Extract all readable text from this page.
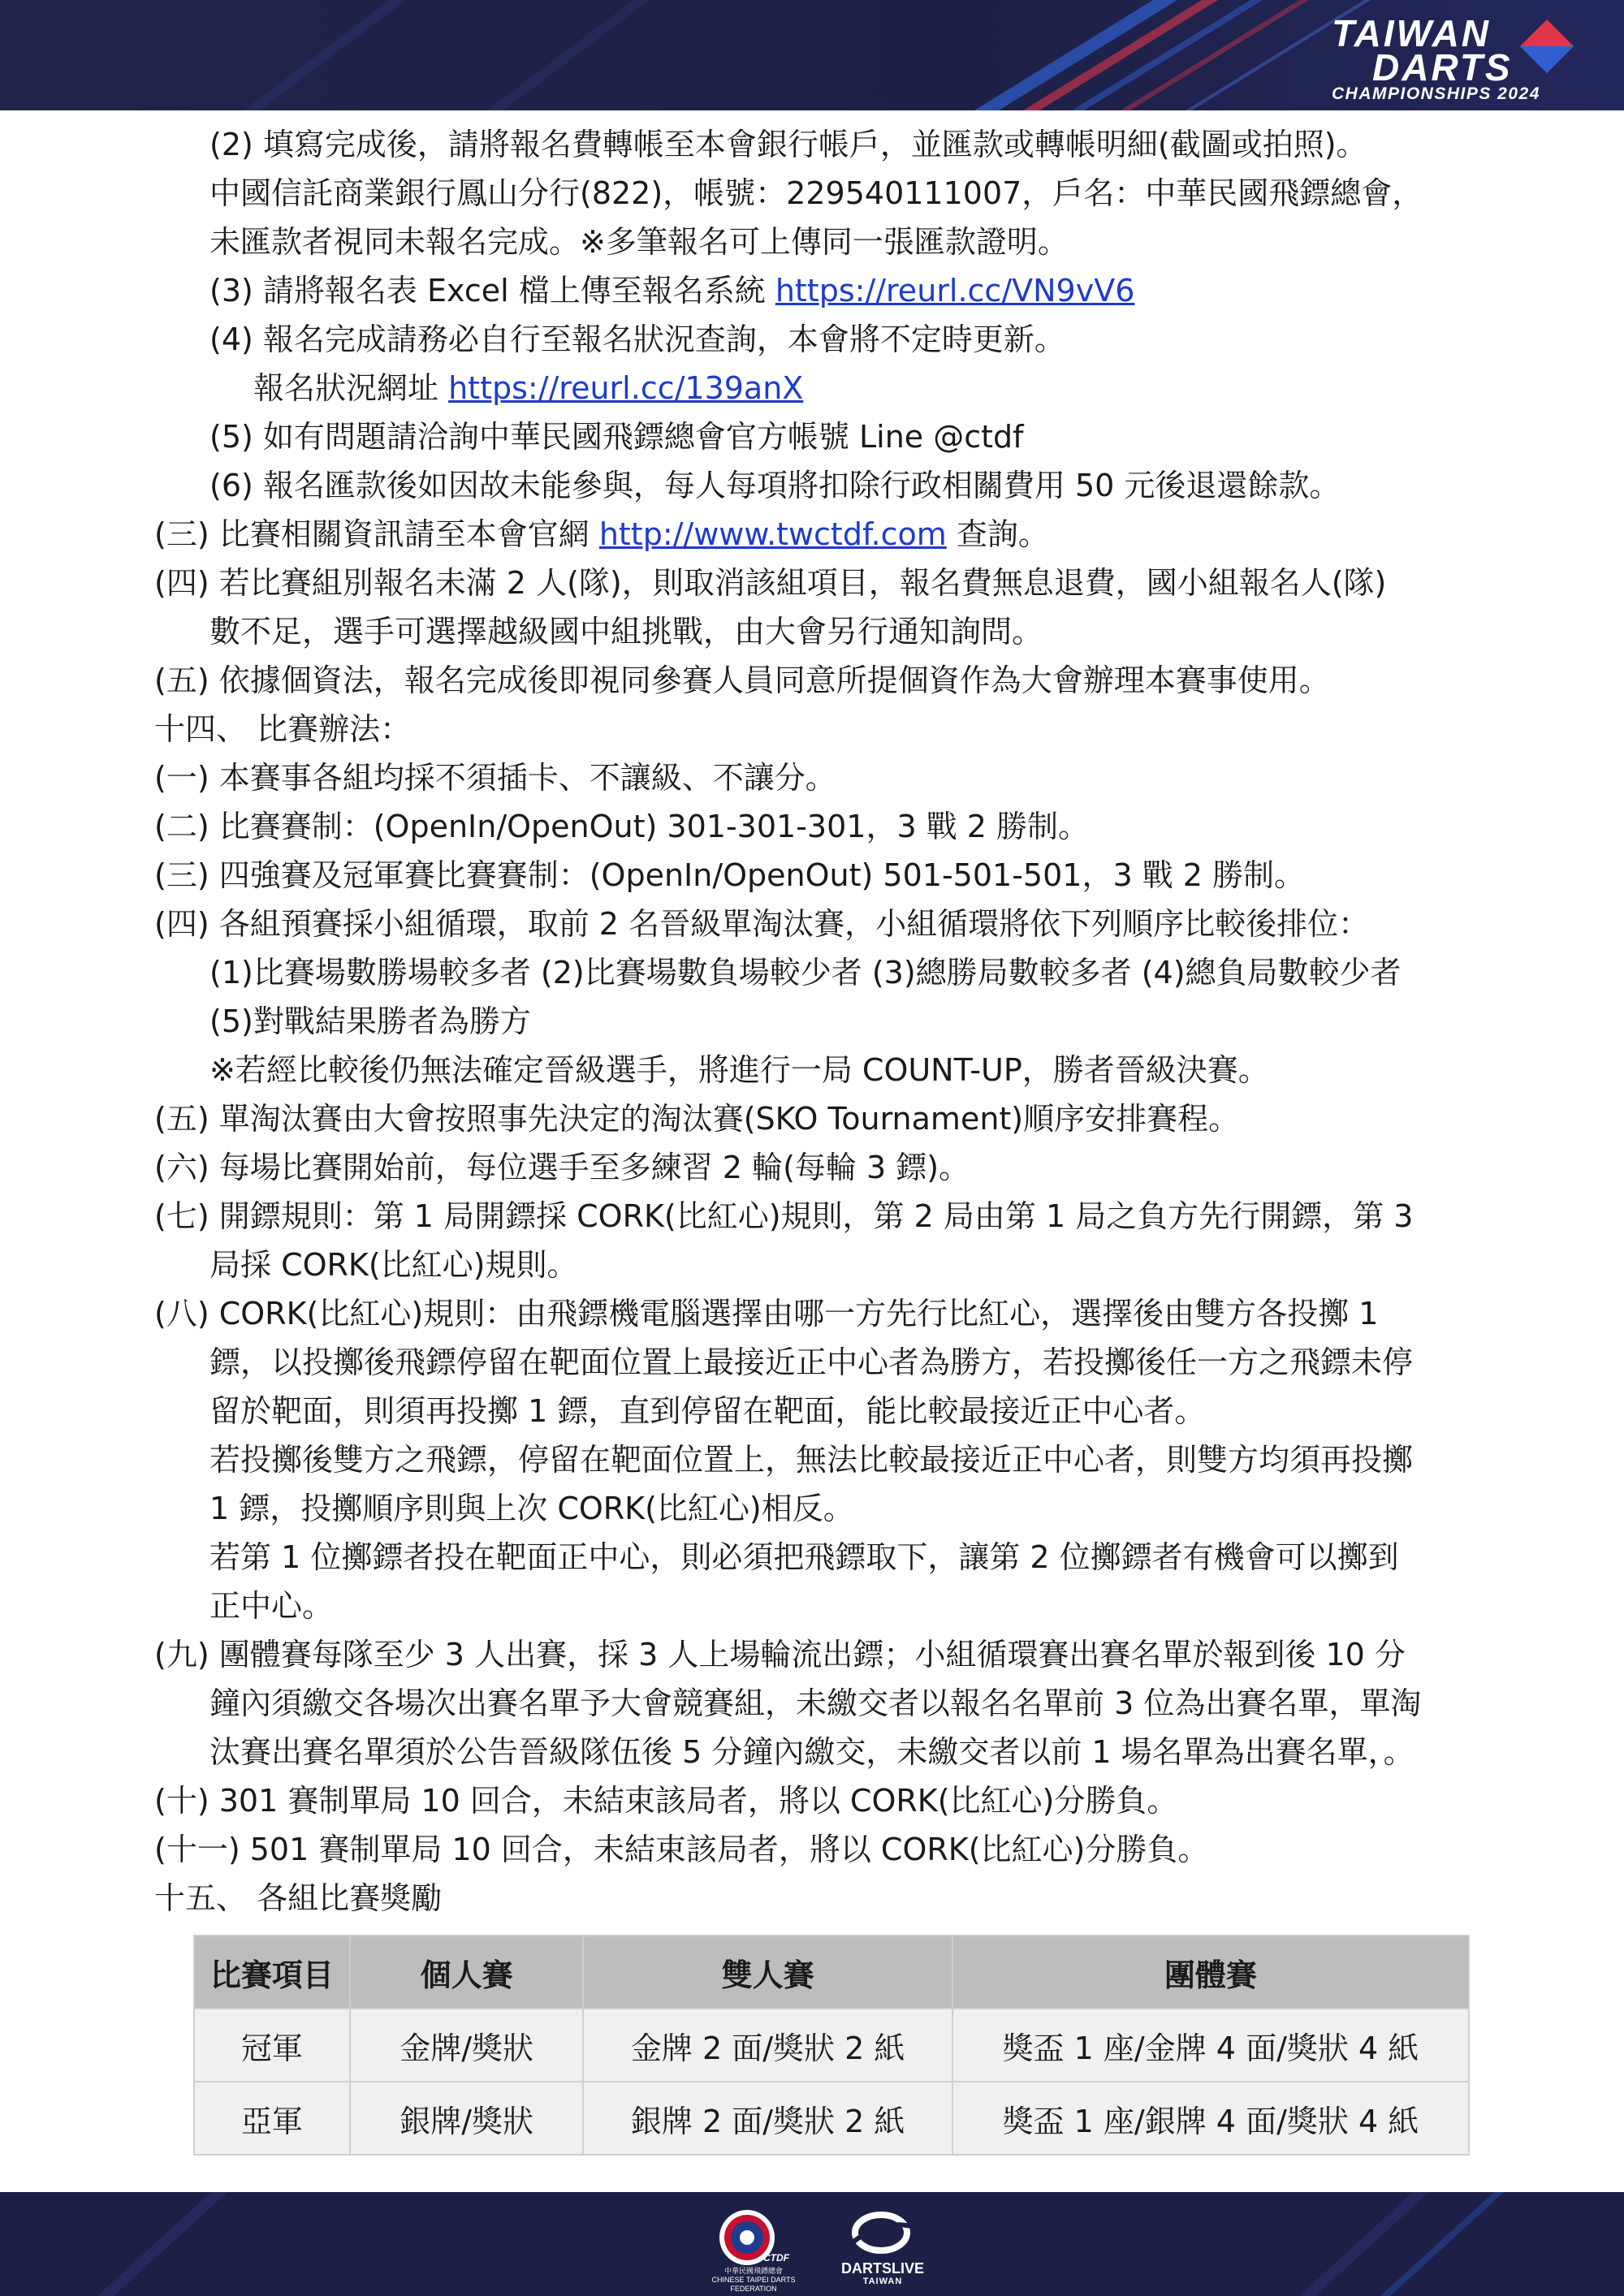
TAIWAN
DARTS
CHAMPIONSHIPS 2024
(2) 填寫完成後，請將報名費轉帳至本會銀行帳戶，並匯款或轉帳明細(截圖或拍照)。
中國信託商業銀行鳳山分行(822)，帳號：229540111007，戶名：中華民國飛鏢總會，
未匯款者視同未報名完成。※多筆報名可上傳同一張匯款證明。
(3) 請將報名表 Excel 檔上傳至報名系統 https://reurl.cc/VN9vV6
(4) 報名完成請務必自行至報名狀況查詢，本會將不定時更新。
報名狀況網址 https://reurl.cc/139anX
(5) 如有問題請洽詢中華民國飛鏢總會官方帳號 Line @ctdf
(6) 報名匯款後如因故未能參與，每人每項將扣除行政相關費用 50 元後退還餘款。
(三) 比賽相關資訊請至本會官網 http://www.twctdf.com 查詢。
(四) 若比賽組別報名未滿 2 人(隊)，則取消該組項目，報名費無息退費，國小組報名人(隊)
數不足，選手可選擇越級國中組挑戰，由大會另行通知詢問。
(五) 依據個資法，報名完成後即視同參賽人員同意所提個資作為大會辦理本賽事使用。
十四、 比賽辦法：
(一) 本賽事各組均採不須插卡、不讓級、不讓分。
(二) 比賽賽制：(OpenIn/OpenOut) 301-301-301，3 戰 2 勝制。
(三) 四強賽及冠軍賽比賽賽制：(OpenIn/OpenOut) 501-501-501，3 戰 2 勝制。
(四) 各組預賽採小組循環，取前 2 名晉級單淘汰賽，小組循環將依下列順序比較後排位：
(1)比賽場數勝場較多者 (2)比賽場數負場較少者 (3)總勝局數較多者 (4)總負局數較少者
(5)對戰結果勝者為勝方
※若經比較後仍無法確定晉級選手，將進行一局 COUNT-UP，勝者晉級決賽。
(五) 單淘汰賽由大會按照事先決定的淘汰賽(SKO Tournament)順序安排賽程。
(六) 每場比賽開始前，每位選手至多練習 2 輪(每輪 3 鏢)。
(七) 開鏢規則：第 1 局開鏢採 CORK(比紅心)規則，第 2 局由第 1 局之負方先行開鏢，第 3
局採 CORK(比紅心)規則。
(八) CORK(比紅心)規則：由飛鏢機電腦選擇由哪一方先行比紅心，選擇後由雙方各投擲 1
鏢，以投擲後飛鏢停留在靶面位置上最接近正中心者為勝方，若投擲後任一方之飛鏢未停
留於靶面，則須再投擲 1 鏢，直到停留在靶面，能比較最接近正中心者。
若投擲後雙方之飛鏢，停留在靶面位置上，無法比較最接近正中心者，則雙方均須再投擲
1 鏢，投擲順序則與上次 CORK(比紅心)相反。
若第 1 位擲鏢者投在靶面正中心，則必須把飛鏢取下，讓第 2 位擲鏢者有機會可以擲到
正中心。
(九) 團體賽每隊至少 3 人出賽，採 3 人上場輪流出鏢；小組循環賽出賽名單於報到後 10 分
鐘內須繳交各場次出賽名單予大會競賽組，未繳交者以報名名單前 3 位為出賽名單，單淘
汰賽出賽名單須於公告晉級隊伍後 5 分鐘內繳交，未繳交者以前 1 場名單為出賽名單，。
(十) 301 賽制單局 10 回合，未結束該局者，將以 CORK(比紅心)分勝負。
(十一) 501 賽制單局 10 回合，未結束該局者，將以 CORK(比紅心)分勝負。
十五、 各組比賽獎勵
比賽項目	個人賽	雙人賽	團體賽
冠軍	金牌/獎狀	金牌 2 面/獎狀 2 紙	獎盃 1 座/金牌 4 面/獎狀 4 紙
亞軍	銀牌/獎狀	銀牌 2 面/獎狀 2 紙	獎盃 1 座/銀牌 4 面/獎狀 4 紙
CTDF
中華民國飛鏢總會
CHINESE TAIPEI DARTS FEDERATION
DARTSLIVE
TAIWAN
